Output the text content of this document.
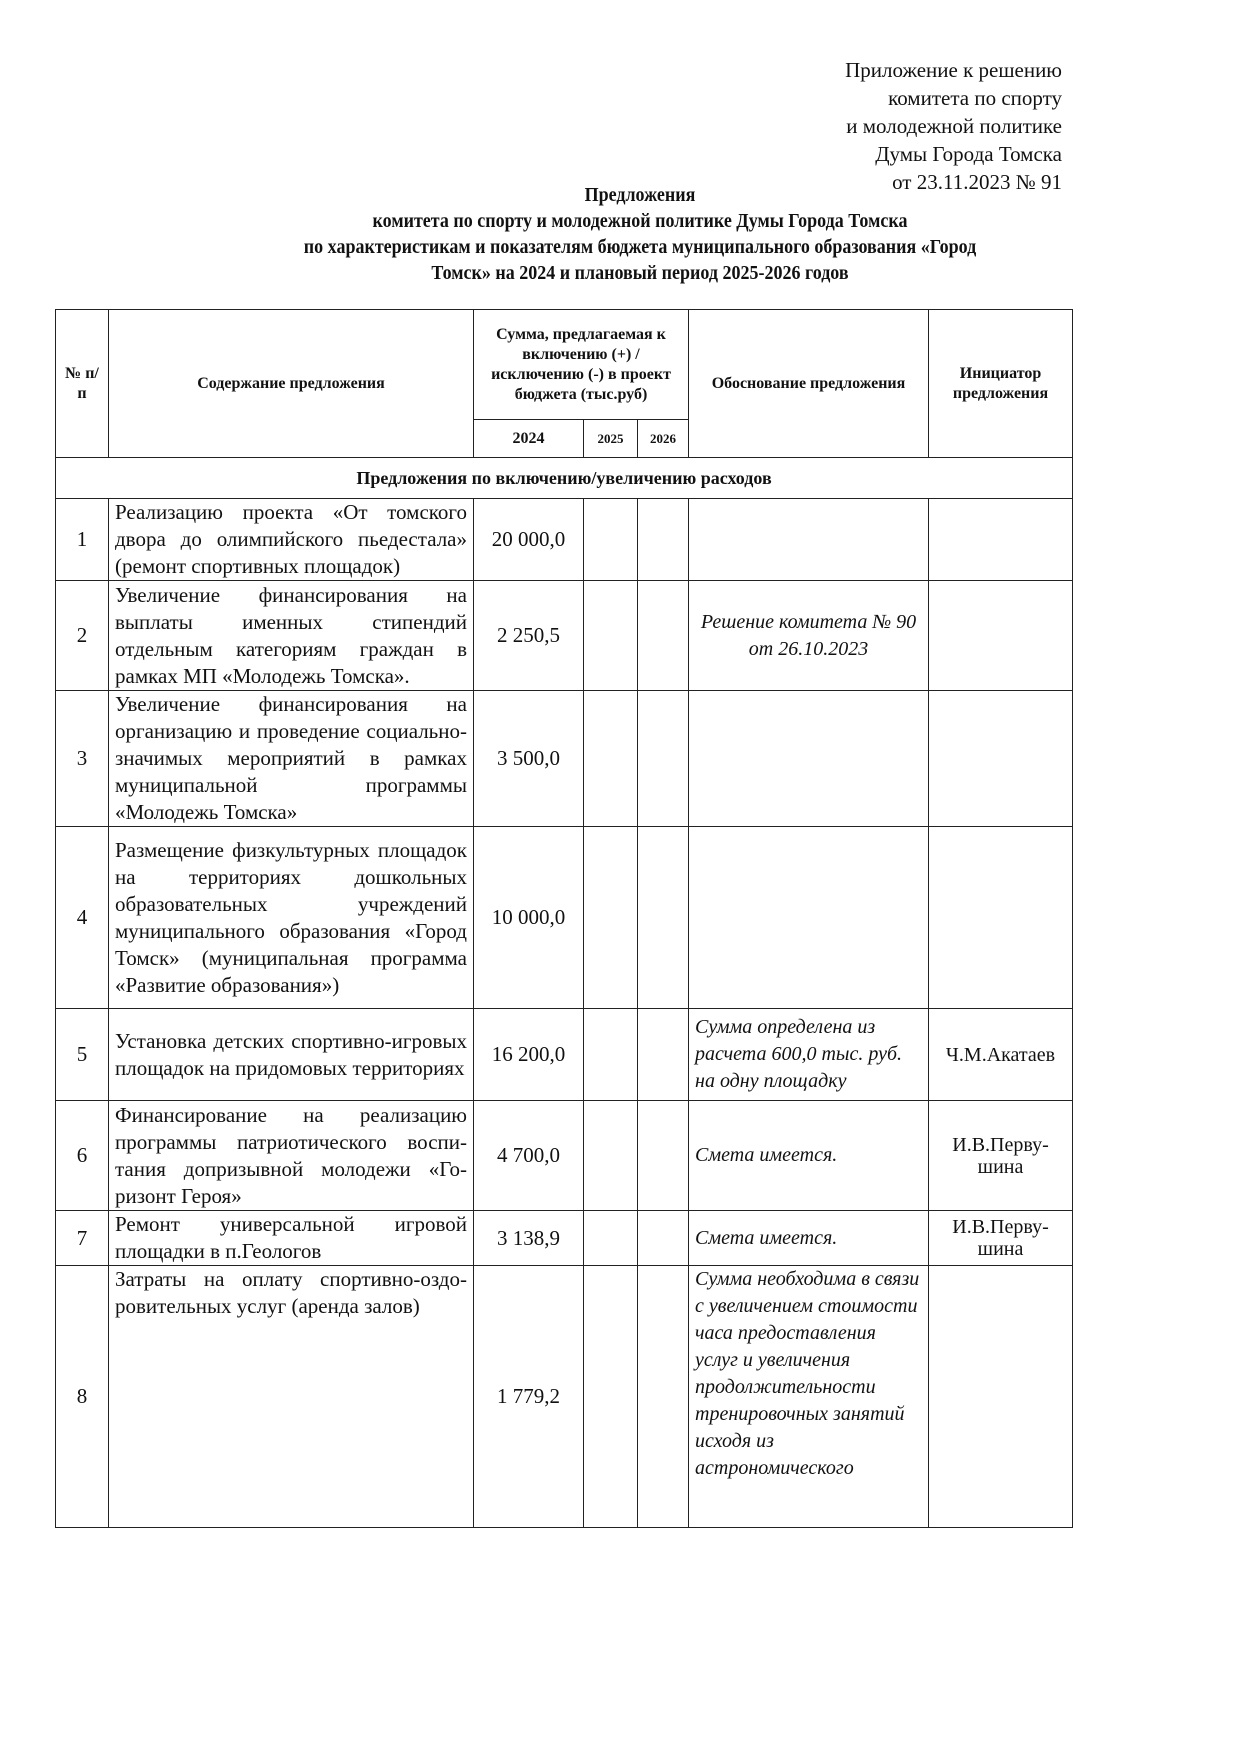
Приложение к решению
комитета по спорту
и молодежной политике
Думы Города Томска
от 23.11.2023 № 91
Предложения
комитета по спорту и молодежной политике Думы Города Томска
по характеристикам и показателям бюджета муниципального образования «Город
Томск» на 2024 и плановый период 2025-2026 годов
№ п/п	Содержание предложения	Сумма, предлагаемая к включению (+) /исключению (-) в проект бюджета (тыс.руб)			Обоснование предложения	Инициатор предложения
		2024	2025	2026		
Предложения по включению/увеличению расходов						
1	Реализацию проекта «От томского двора до олимпийского пьедестала» (ремонт спортивных площадок)	20 000,0				
2	Увеличение финансирования на выплаты именных стипендий отдельным категориям граждан в рамках МП «Молодежь Томска».	2 250,5			Решение комитета № 90 от 26.10.2023	
3	Увеличение финансирования на организацию и проведение социально-значимых мероприятий в рамках муниципальной программы «Молодежь Томска»	3 500,0				
4	Размещение физкультурных площадок на территориях дошкольных образовательных учреждений муниципального образования «Город Томск» (муниципальная программа «Развитие образования»)	10 000,0				
5	Установка детских спортивно-игровых площадок на придомовых территориях	16 200,0			Сумма определена из расчета 600,0 тыс. руб. на одну площадку	Ч.М.Акатаев
6	Финансирование на реализацию программы патриотического воспи-тания допризывной молодежи «Го-ризонт Героя»	4 700,0			Смета имеется.	И.В.Перву-шина
7	Ремонт универсальной игровой площадки в п.Геологов	3 138,9			Смета имеется.	И.В.Перву-шина
8	Затраты на оплату спортивно-оздо-ровительных услуг (аренда залов)	1 779,2			Сумма необходима в связи с увеличением стоимости часа предоставления услуг и увеличения продолжительности тренировочных занятий исходя из астрономического	
